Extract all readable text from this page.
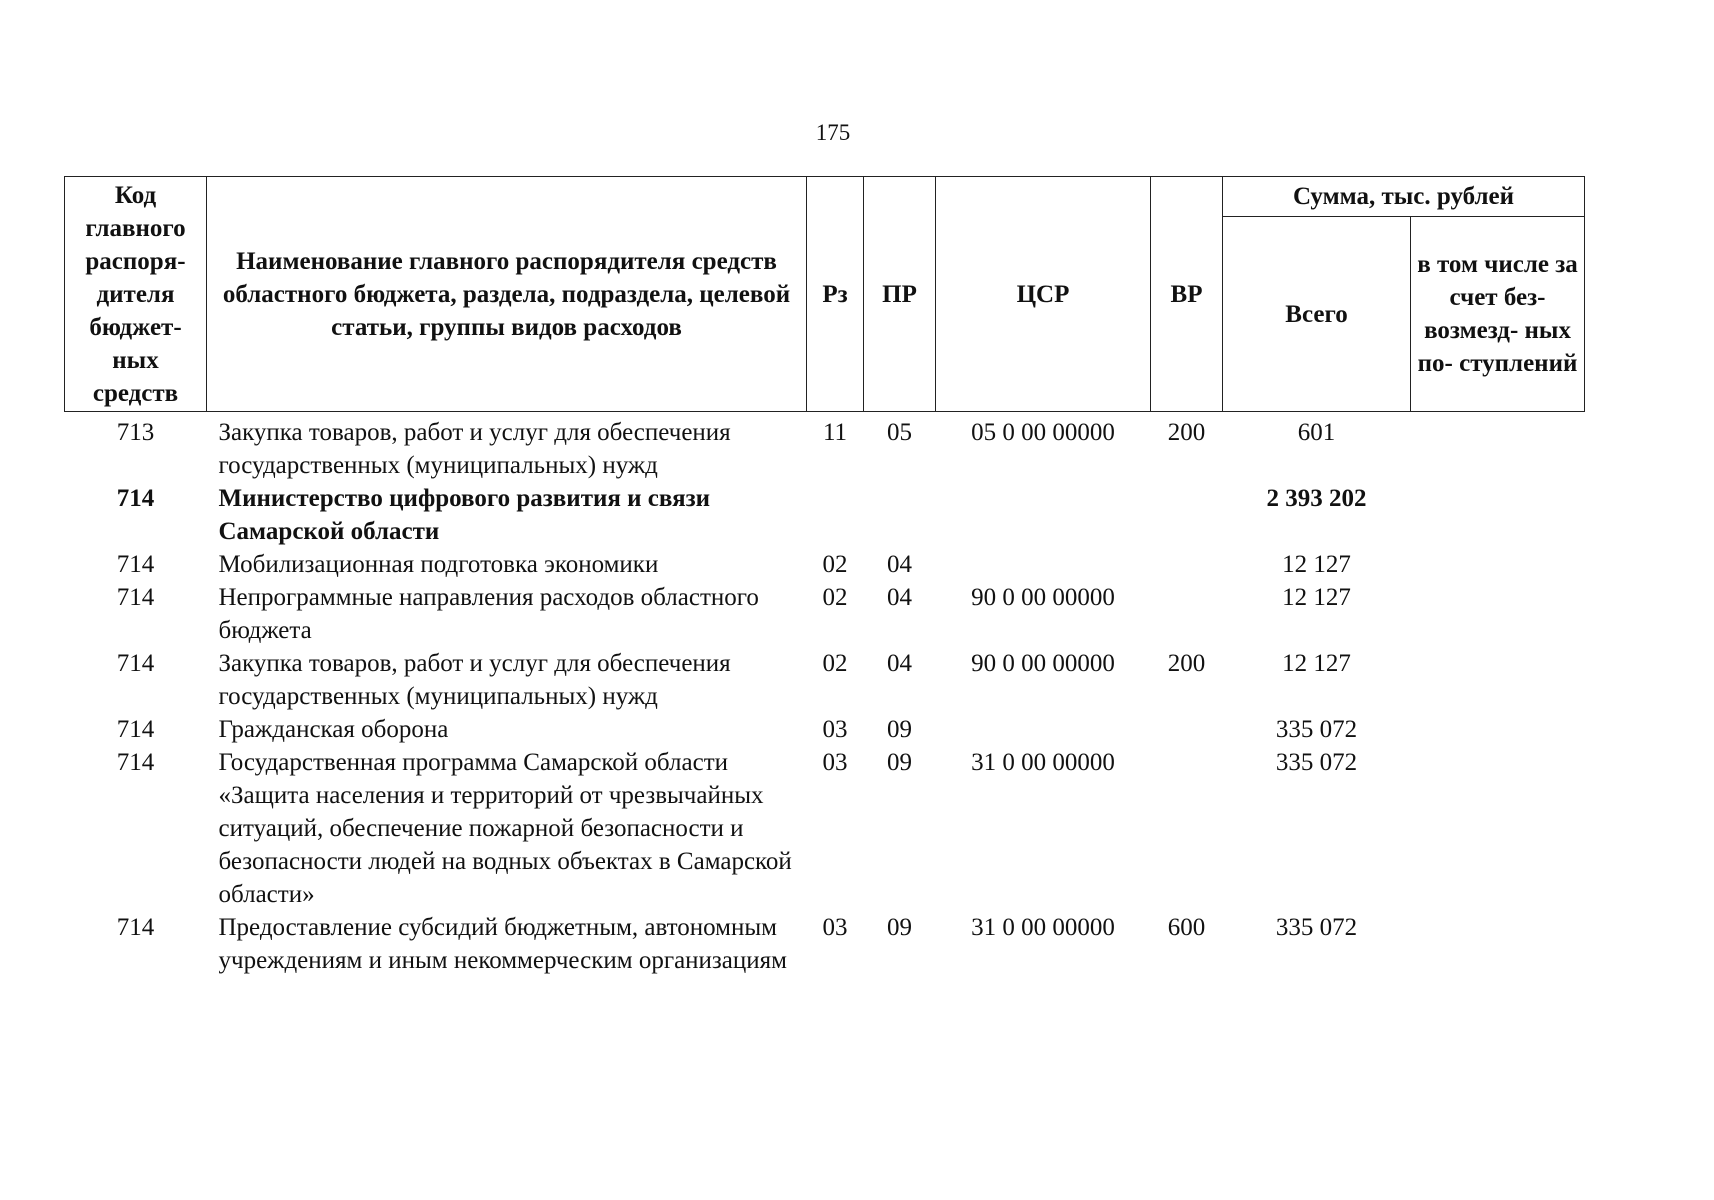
175
Код главного распоря- дителя бюджет- ных средств	Наименование главного распорядителя средств областного бюджета, раздела, подраздела, целевой статьи, группы видов расходов	Рз	ПР	ЦСР	ВР	Сумма, тыс. рублей	
						Всего	в том числе за счет без- возмезд- ных по- ступлений
713	Закупка товаров, работ и услуг для обеспечения государственных (муниципальных) нужд	11	05	05 0 00 00000	200	601	
714	Министерство цифрового развития и связи Самарской области					2 393 202	
714	Мобилизационная подготовка экономики	02	04			12 127	
714	Непрограммные направления расходов областного бюджета	02	04	90 0 00 00000		12 127	
714	Закупка товаров, работ и услуг для обеспечения государственных (муниципальных) нужд	02	04	90 0 00 00000	200	12 127	
714	Гражданская оборона	03	09			335 072	
714	Государственная программа Самарской области «Защита населения и территорий от чрезвычайных ситуаций, обеспечение пожарной безопасности и безопасности людей на водных объектах в Самарской области»	03	09	31 0 00 00000		335 072	
714	Предоставление субсидий бюджетным, автономным учреждениям и иным некоммерческим организациям	03	09	31 0 00 00000	600	335 072	
